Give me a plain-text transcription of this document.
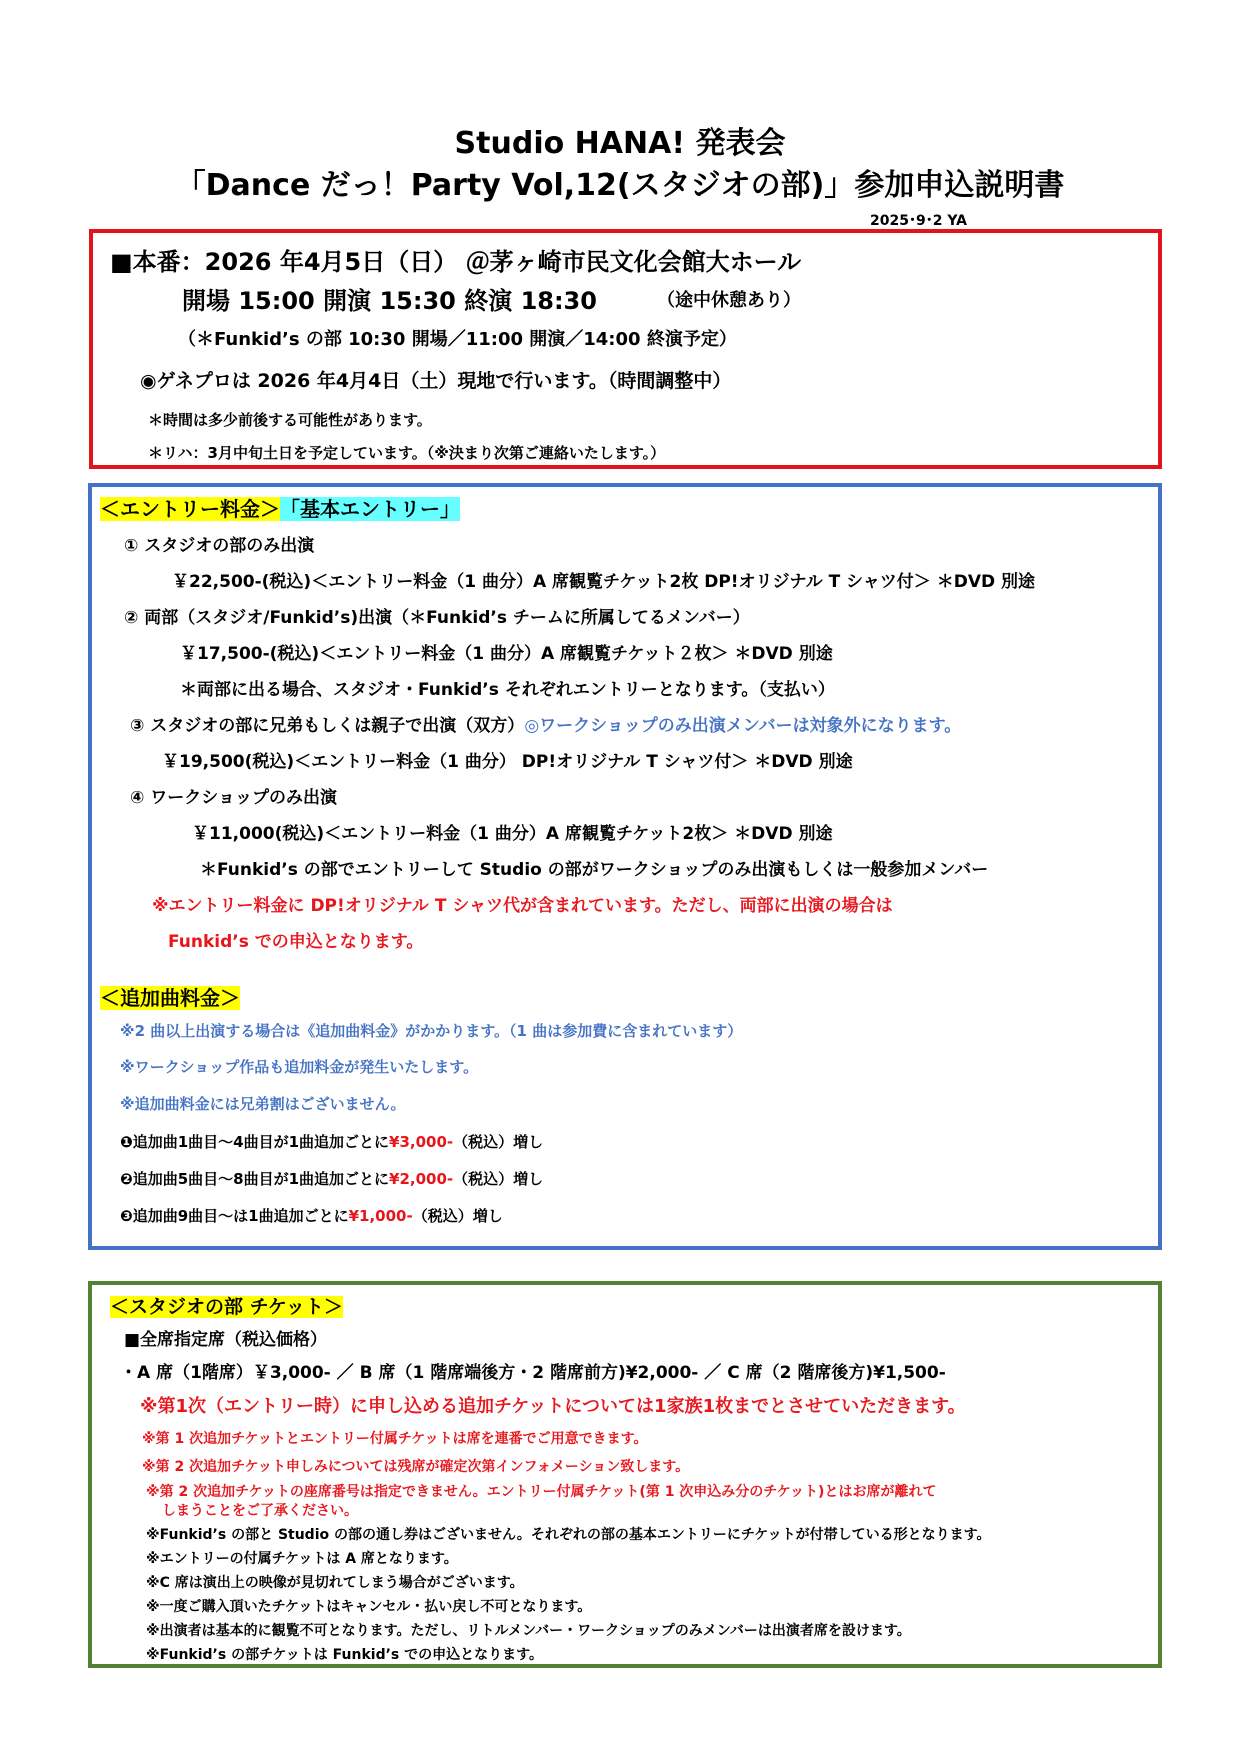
Studio HANA! 発表会
「Dance だっ！Party Vol,12(スタジオの部)」参加申込説明書
2025･9･2 YA
■本番：2026 年4月5日（日） ＠茅ヶ崎市民文化会館大ホール
開場 15:00 開演 15:30 終演 18:30	（途中休憩あり）
（＊Funkid’s の部 10:30 開場／11:00 開演／14:00 終演予定）
◉ゲネプロは 2026 年4月4日（土）現地で行います。（時間調整中）
＊時間は多少前後する可能性があります。
＊リハ：3月中旬土日を予定しています。（※決まり次第ご連絡いたします。）
＜エントリー料金＞「基本エントリー」
① スタジオの部のみ出演
￥22,500-(税込)＜エントリー料金（1 曲分）A 席観覧チケット2枚 DP!オリジナル T シャツ付＞ ＊DVD 別途
② 両部（スタジオ/Funkid’s)出演（＊Funkid’s チームに所属してるメンバー）
￥17,500-(税込)＜エントリー料金（1 曲分）A 席観覧チケット２枚＞ ＊DVD 別途
＊両部に出る場合、スタジオ・Funkid’s それぞれエントリーとなります。（支払い）
③ スタジオの部に兄弟もしくは親子で出演（双方）◎ワークショップのみ出演メンバーは対象外になります。
￥19,500(税込)＜エントリー料金（1 曲分） DP!オリジナル T シャツ付＞ ＊DVD 別途
④ ワークショップのみ出演
￥11,000(税込)＜エントリー料金（1 曲分）A 席観覧チケット2枚＞ ＊DVD 別途
＊Funkid’s の部でエントリーして Studio の部がワークショップのみ出演もしくは一般参加メンバー
※エントリー料金に DP!オリジナル T シャツ代が含まれています。ただし、両部に出演の場合は
Funkid’s での申込となります。
＜追加曲料金＞
※2 曲以上出演する場合は《追加曲料金》がかかります。（1 曲は参加費に含まれています）
※ワークショップ作品も追加料金が発生いたします。
※追加曲料金には兄弟割はございません。
❶追加曲1曲目～4曲目が1曲追加ごとに¥3,000-（税込）増し
❷追加曲5曲目～8曲目が1曲追加ごとに¥2,000-（税込）増し
❸追加曲9曲目～は1曲追加ごとに¥1,000-（税込）増し
＜スタジオの部 チケット＞
■全席指定席（税込価格）
・A 席（1階席）￥3,000- ／ B 席（1 階席端後方・2 階席前方)¥2,000- ／ C 席（2 階席後方)¥1,500-
※第1次（エントリー時）に申し込める追加チケットについては1家族1枚までとさせていただきます。
※第 1 次追加チケットとエントリー付属チケットは席を連番でご用意できます。
※第 2 次追加チケット申しみについては残席が確定次第インフォメーション致します。
※第 2 次追加チケットの座席番号は指定できません。エントリー付属チケット(第 1 次申込み分のチケット)とはお席が離れて
しまうことをご了承ください。
※Funkid’s の部と Studio の部の通し券はございません。それぞれの部の基本エントリーにチケットが付帯している形となります。
※エントリーの付属チケットは A 席となります。
※C 席は演出上の映像が見切れてしまう場合がございます。
※一度ご購入頂いたチケットはキャンセル・払い戻し不可となります。
※出演者は基本的に観覧不可となります。ただし、リトルメンバー・ワークショップのみメンバーは出演者席を設けます。
※Funkid’s の部チケットは Funkid’s での申込となります。
